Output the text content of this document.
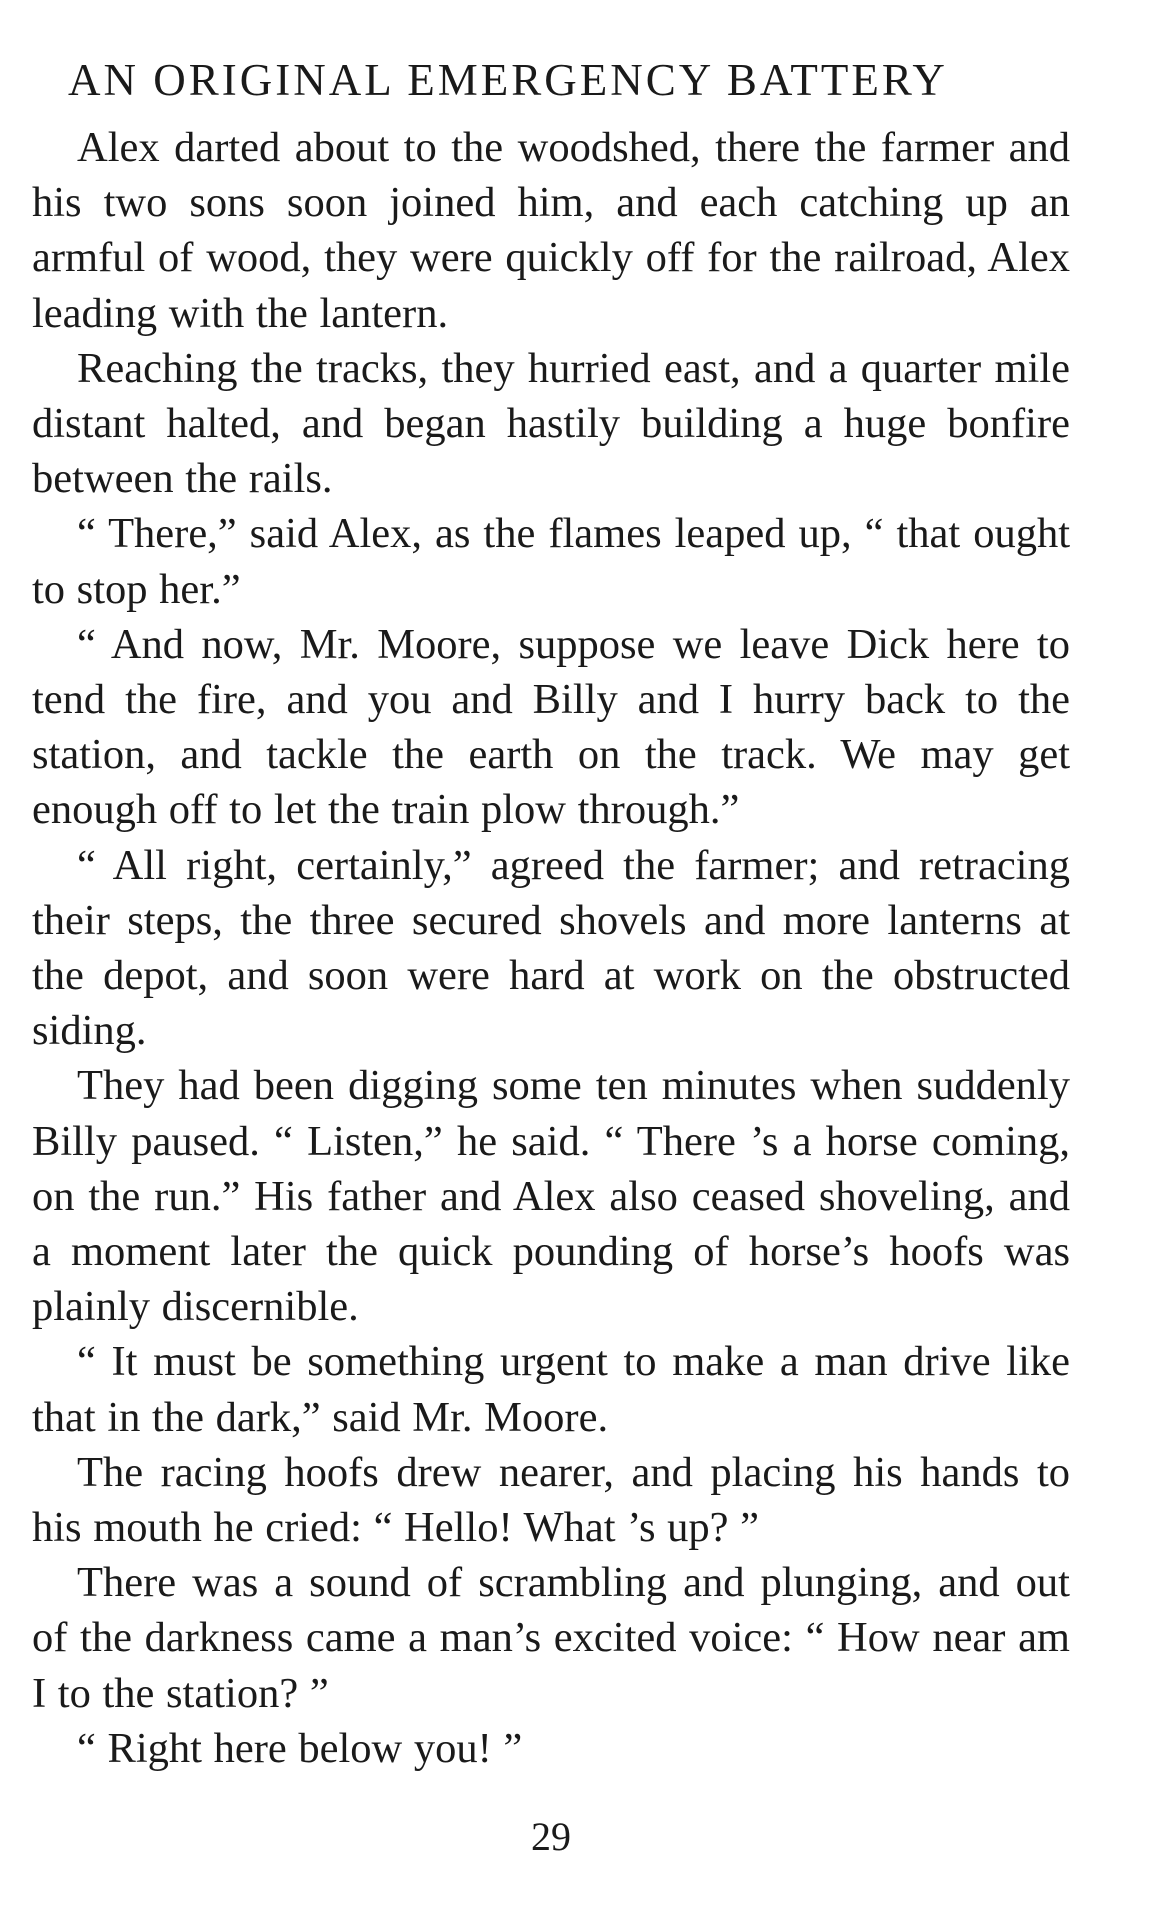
AN ORIGINAL EMERGENCY BATTERY

Alex darted about to the woodshed, there the farmer and his two sons soon joined him, and each catching up an armful of wood, they were quickly off for the railroad, Alex leading with the lantern.

Reaching the tracks, they hurried east, and a quarter mile distant halted, and began hastily building a huge bonfire between the rails.

“ There,” said Alex, as the flames leaped up, “ that ought to stop her.”

“ And now, Mr. Moore, suppose we leave Dick here to tend the fire, and you and Billy and I hurry back to the station, and tackle the earth on the track. We may get enough off to let the train plow through.”

“ All right, certainly,” agreed the farmer; and retracing their steps, the three secured shovels and more lanterns at the depot, and soon were hard at work on the obstructed siding.

They had been digging some ten minutes when suddenly Billy paused. “ Listen,” he said. “ There ’s a horse coming, on the run.” His father and Alex also ceased shoveling, and a moment later the quick pounding of horse’s hoofs was plainly discernible.

“ It must be something urgent to make a man drive like that in the dark,” said Mr. Moore.

The racing hoofs drew nearer, and placing his hands to his mouth he cried: “ Hello! What ’s up? ”

There was a sound of scrambling and plunging, and out of the darkness came a man’s excited voice: “ How near am I to the station? ”

“ Right here below you! ”

29
